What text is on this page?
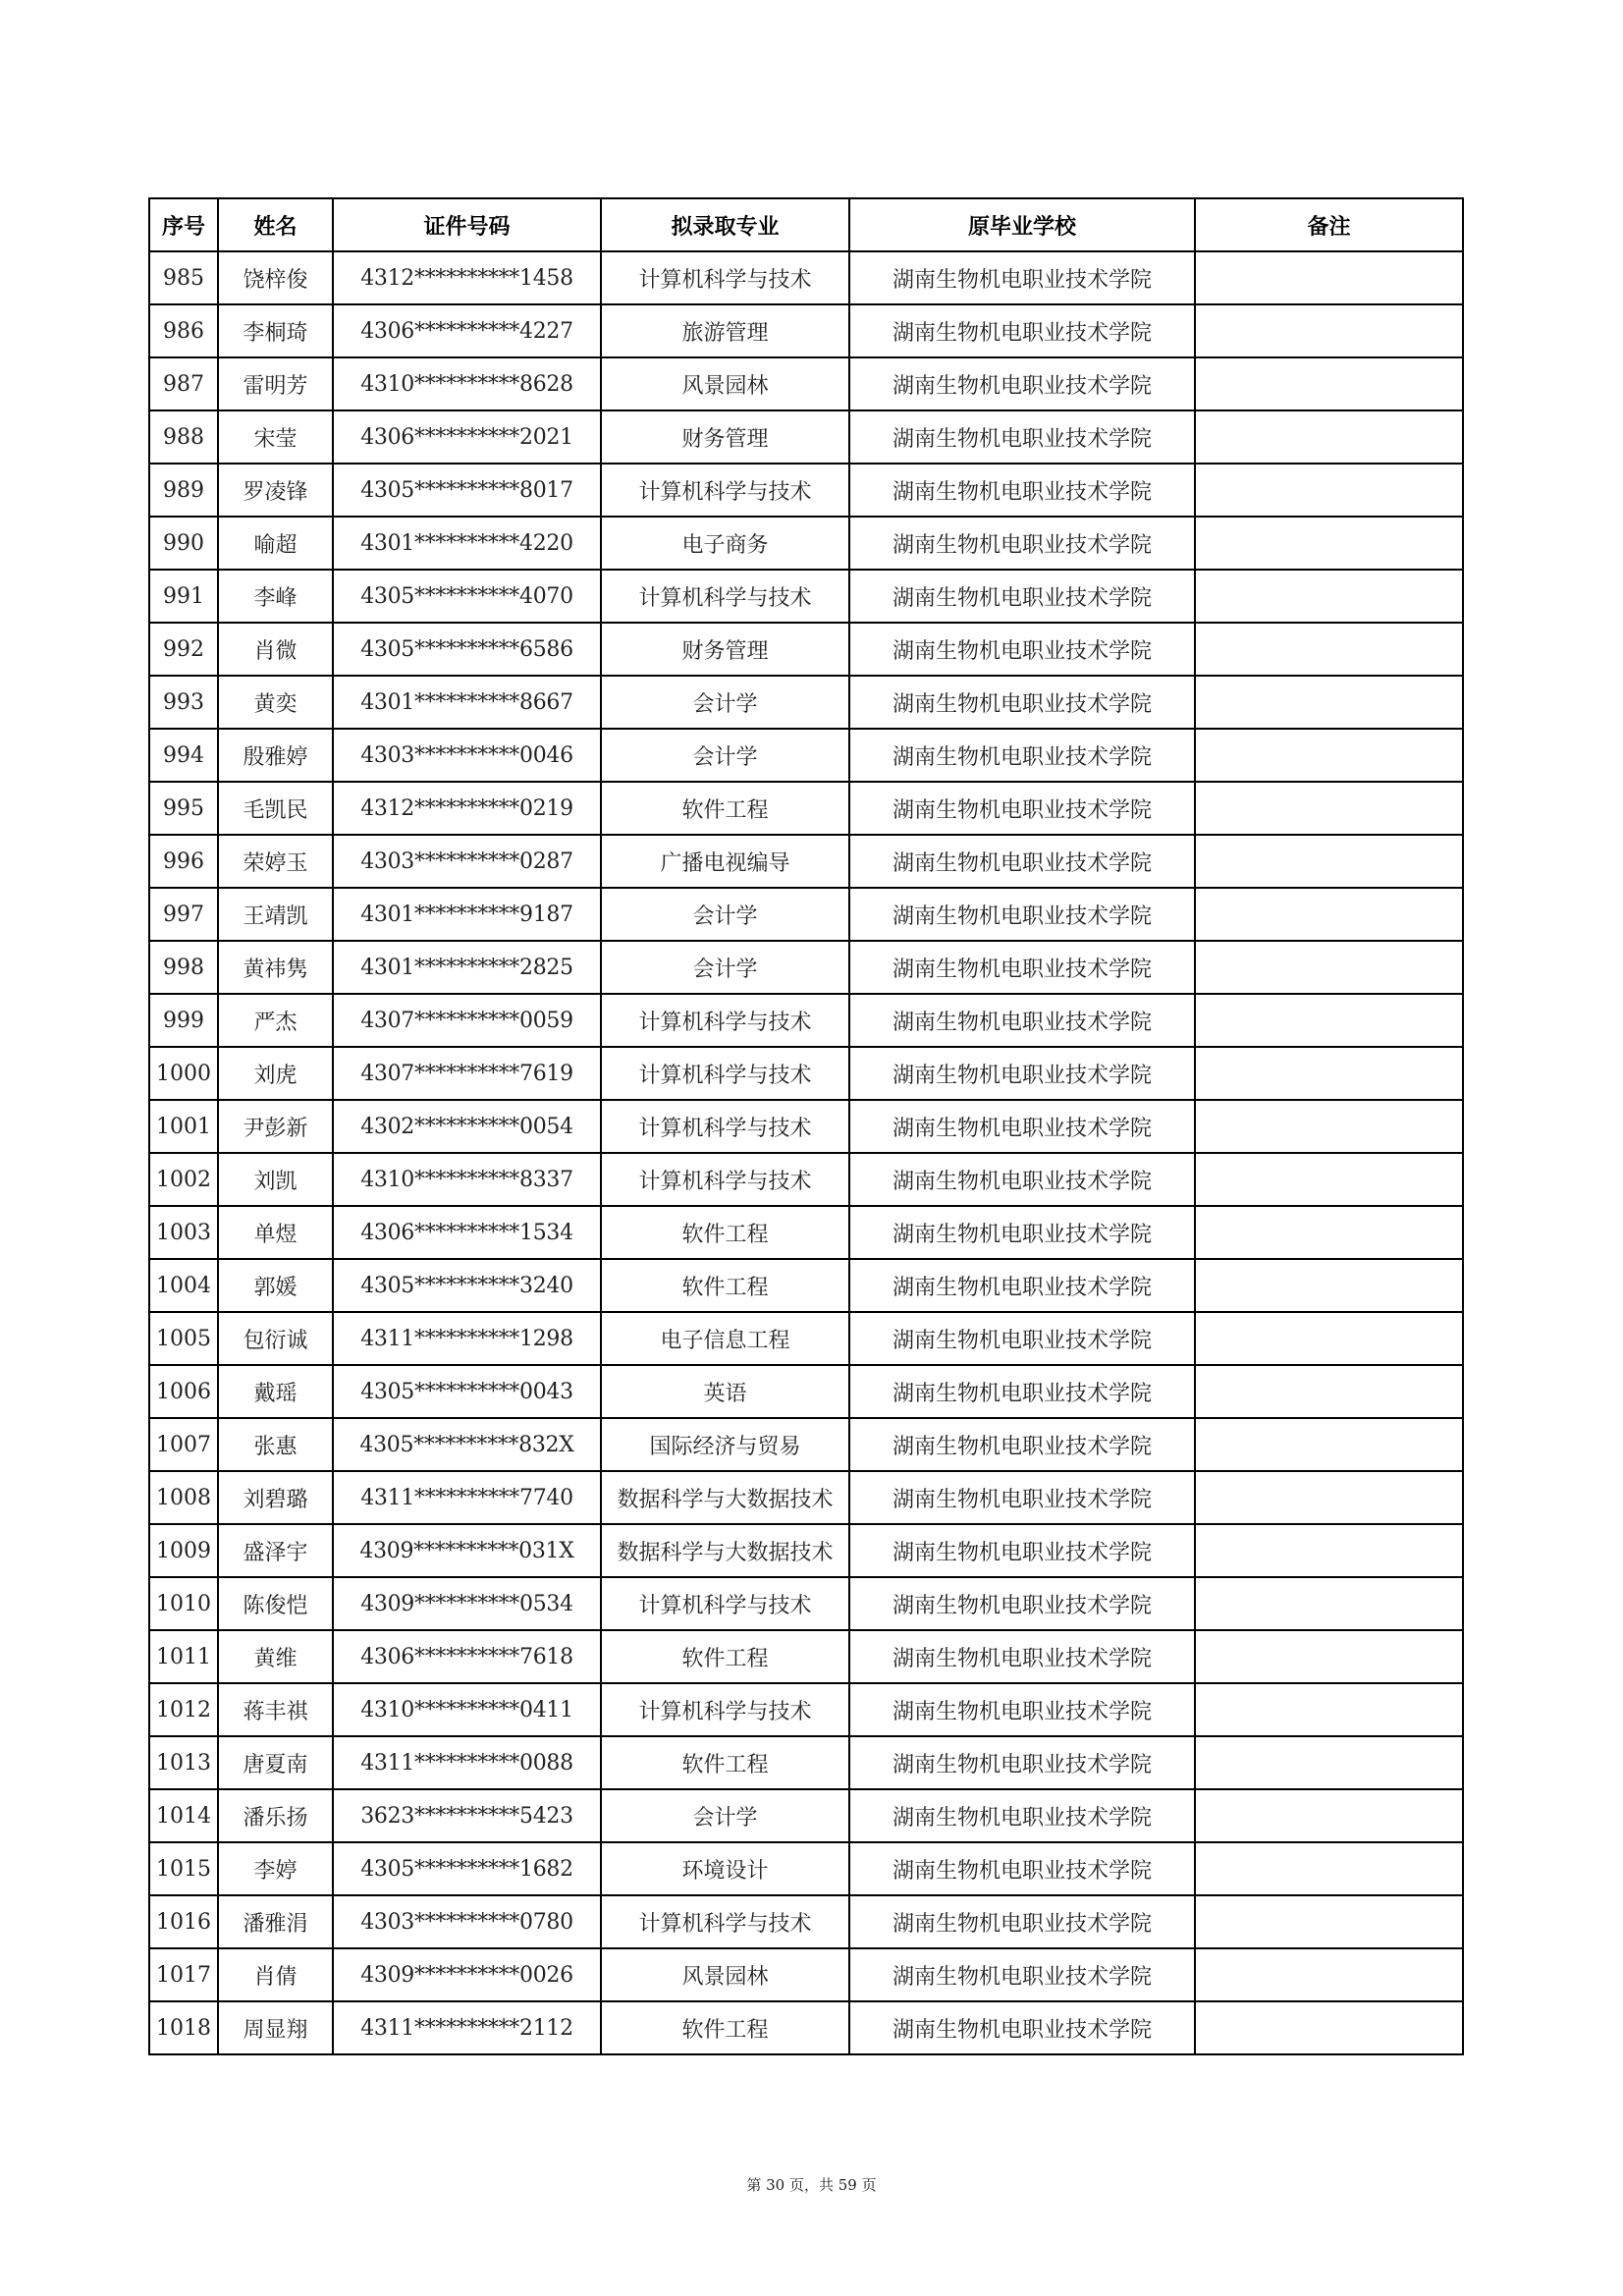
序号	姓名	证件号码	拟录取专业	原毕业学校	备注
985	饶梓俊	4312**********1458	计算机科学与技术	湖南生物机电职业技术学院	
986	李桐琦	4306**********4227	旅游管理	湖南生物机电职业技术学院	
987	雷明芳	4310**********8628	风景园林	湖南生物机电职业技术学院	
988	宋莹	4306**********2021	财务管理	湖南生物机电职业技术学院	
989	罗凌锋	4305**********8017	计算机科学与技术	湖南生物机电职业技术学院	
990	喻超	4301**********4220	电子商务	湖南生物机电职业技术学院	
991	李峰	4305**********4070	计算机科学与技术	湖南生物机电职业技术学院	
992	肖微	4305**********6586	财务管理	湖南生物机电职业技术学院	
993	黄奕	4301**********8667	会计学	湖南生物机电职业技术学院	
994	殷雅婷	4303**********0046	会计学	湖南生物机电职业技术学院	
995	毛凯民	4312**********0219	软件工程	湖南生物机电职业技术学院	
996	荣婷玉	4303**********0287	广播电视编导	湖南生物机电职业技术学院	
997	王靖凯	4301**********9187	会计学	湖南生物机电职业技术学院	
998	黄祎隽	4301**********2825	会计学	湖南生物机电职业技术学院	
999	严杰	4307**********0059	计算机科学与技术	湖南生物机电职业技术学院	
1000	刘虎	4307**********7619	计算机科学与技术	湖南生物机电职业技术学院	
1001	尹彭新	4302**********0054	计算机科学与技术	湖南生物机电职业技术学院	
1002	刘凯	4310**********8337	计算机科学与技术	湖南生物机电职业技术学院	
1003	单煜	4306**********1534	软件工程	湖南生物机电职业技术学院	
1004	郭媛	4305**********3240	软件工程	湖南生物机电职业技术学院	
1005	包衍诚	4311**********1298	电子信息工程	湖南生物机电职业技术学院	
1006	戴瑶	4305**********0043	英语	湖南生物机电职业技术学院	
1007	张惠	4305**********832X	国际经济与贸易	湖南生物机电职业技术学院	
1008	刘碧璐	4311**********7740	数据科学与大数据技术	湖南生物机电职业技术学院	
1009	盛泽宇	4309**********031X	数据科学与大数据技术	湖南生物机电职业技术学院	
1010	陈俊恺	4309**********0534	计算机科学与技术	湖南生物机电职业技术学院	
1011	黄维	4306**********7618	软件工程	湖南生物机电职业技术学院	
1012	蒋丰祺	4310**********0411	计算机科学与技术	湖南生物机电职业技术学院	
1013	唐夏南	4311**********0088	软件工程	湖南生物机电职业技术学院	
1014	潘乐扬	3623**********5423	会计学	湖南生物机电职业技术学院	
1015	李婷	4305**********1682	环境设计	湖南生物机电职业技术学院	
1016	潘雅涓	4303**********0780	计算机科学与技术	湖南生物机电职业技术学院	
1017	肖倩	4309**********0026	风景园林	湖南生物机电职业技术学院	
1018	周显翔	4311**********2112	软件工程	湖南生物机电职业技术学院	
第 30 页，共 59 页
